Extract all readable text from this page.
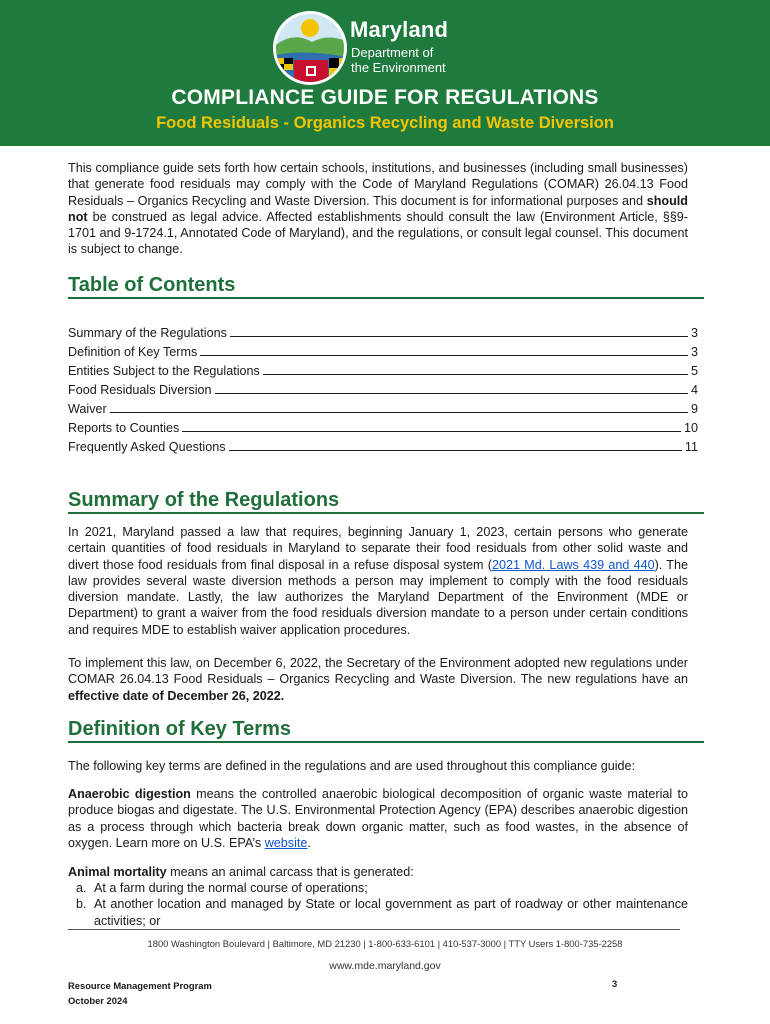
Maryland
Department of
the Environment
COMPLIANCE GUIDE FOR REGULATIONS
Food Residuals - Organics Recycling and Waste Diversion
This compliance guide sets forth how certain schools, institutions, and businesses (including small businesses) that generate food residuals may comply with the Code of Maryland Regulations (COMAR) 26.04.13 Food Residuals – Organics Recycling and Waste Diversion. This document is for informational purposes and should not be construed as legal advice. Affected establishments should consult the law (Environment Article, §§9-1701 and 9-1724.1, Annotated Code of Maryland), and the regulations, or consult legal counsel. This document is subject to change.
Table of Contents
Summary of the Regulations	3
Definition of Key Terms	3
Entities Subject to the Regulations	5
Food Residuals Diversion	4
Waiver	9
Reports to Counties	10
Frequently Asked Questions	11
Summary of the Regulations
In 2021, Maryland passed a law that requires, beginning January 1, 2023, certain persons who generate certain quantities of food residuals in Maryland to separate their food residuals from other solid waste and divert those food residuals from final disposal in a refuse disposal system (2021 Md. Laws 439 and 440). The law provides several waste diversion methods a person may implement to comply with the food residuals diversion mandate. Lastly, the law authorizes the Maryland Department of the Environment (MDE or Department) to grant a waiver from the food residuals diversion mandate to a person under certain conditions and requires MDE to establish waiver application procedures.
To implement this law, on December 6, 2022, the Secretary of the Environment adopted new regulations under COMAR 26.04.13 Food Residuals – Organics Recycling and Waste Diversion. The new regulations have an effective date of December 26, 2022.
Definition of Key Terms
The following key terms are defined in the regulations and are used throughout this compliance guide:
Anaerobic digestion means the controlled anaerobic biological decomposition of organic waste material to produce biogas and digestate. The U.S. Environmental Protection Agency (EPA) describes anaerobic digestion as a process through which bacteria break down organic matter, such as food wastes, in the absence of oxygen. Learn more on U.S. EPA’s website.
Animal mortality means an animal carcass that is generated:
a. At a farm during the normal course of operations;
b. At another location and managed by State or local government as part of roadway or other maintenance activities; or
1800 Washington Boulevard | Baltimore, MD 21230 | 1-800-633-6101 | 410-537-3000 | TTY Users 1-800-735-2258
www.mde.maryland.gov
Resource Management Program
October 2024
3
